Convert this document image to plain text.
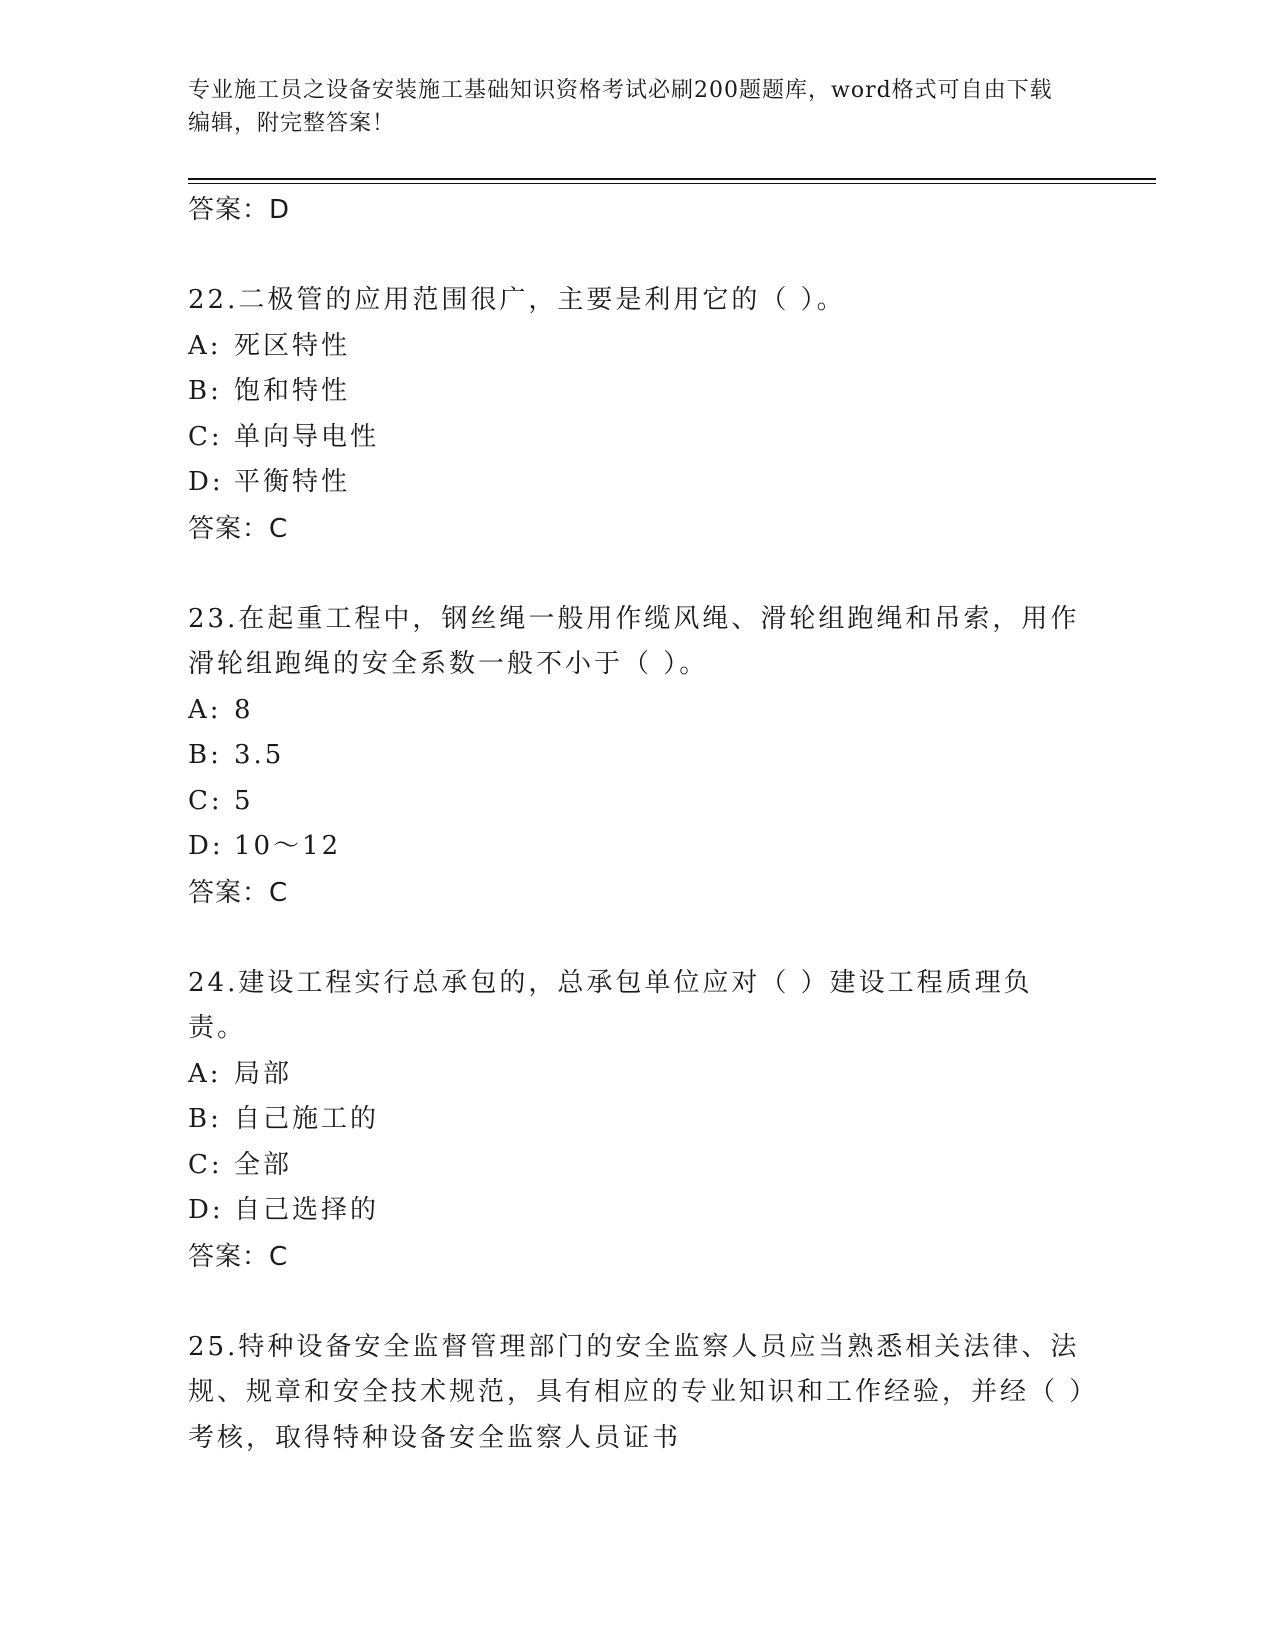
专业施工员之设备安装施工基础知识资格考试必刷200题题库，word格式可自由下载编辑，附完整答案！
答案：D
22.二极管的应用范围很广，主要是利用它的（ ）。
A: 死区特性
B: 饱和特性
C: 单向导电性
D: 平衡特性
答案：C
23.在起重工程中，钢丝绳一般用作缆风绳、滑轮组跑绳和吊索，用作滑轮组跑绳的安全系数一般不小于（ ）。
A: 8
B: 3.5
C: 5
D: 10～12
答案：C
24.建设工程实行总承包的，总承包单位应对（ ）建设工程质理负责。
A: 局部
B: 自己施工的
C: 全部
D: 自己选择的
答案：C
25.特种设备安全监督管理部门的安全监察人员应当熟悉相关法律、法规、规章和安全技术规范，具有相应的专业知识和工作经验，并经（ ）考核，取得特种设备安全监察人员证书
